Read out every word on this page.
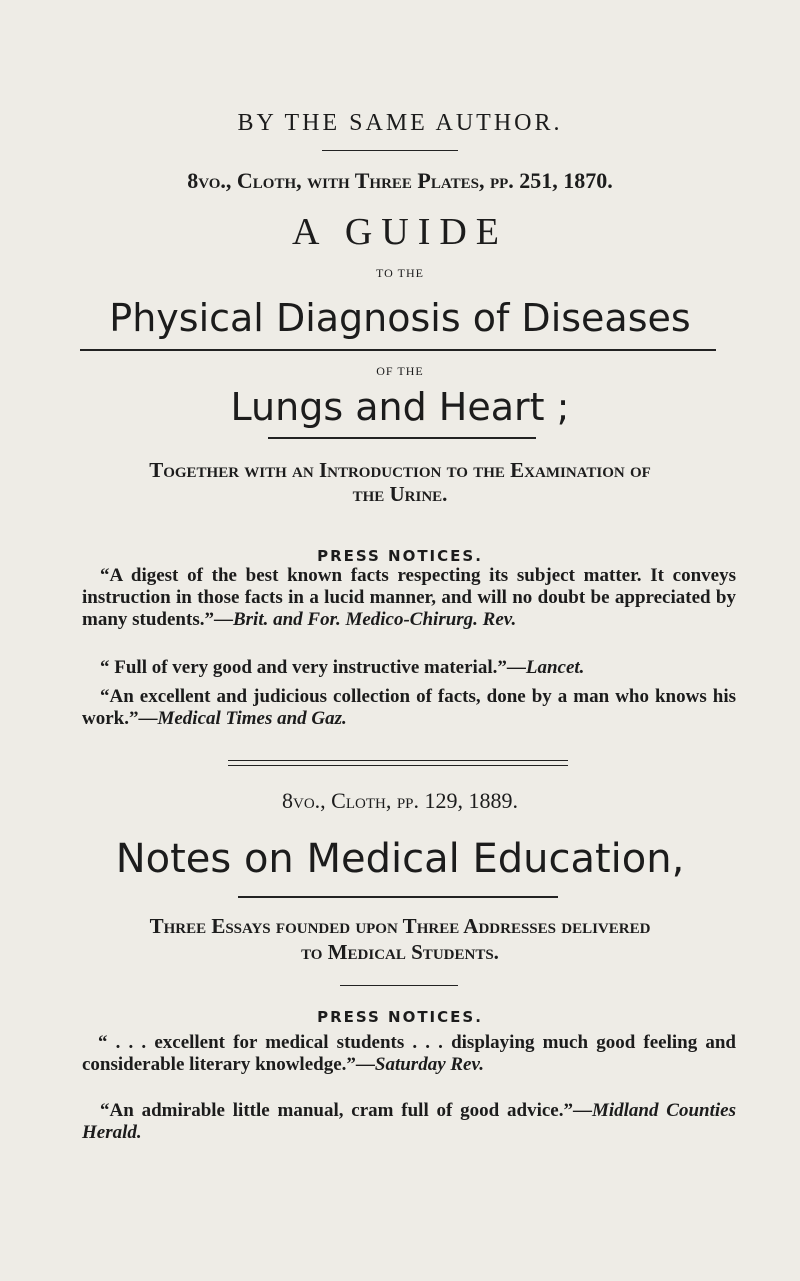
BY THE SAME AUTHOR.
8vo., Cloth, with Three Plates, pp. 251, 1870.
A GUIDE
TO THE
Physical Diagnosis of Diseases
OF THE
Lungs and Heart ;
Together with an Introduction to the Examination of
the Urine.
PRESS NOTICES.
“A digest of the best known facts respecting its subject matter. It conveys instruction in those facts in a lucid manner, and will no doubt be appreciated by many students.”—Brit. and For. Medico-Chirurg. Rev.
“ Full of very good and very instructive material.”—Lancet.
“An excellent and judicious collection of facts, done by a man who knows his work.”—Medical Times and Gaz.
8vo., Cloth, pp. 129, 1889.
Notes on Medical Education,
Three Essays founded upon Three Addresses delivered
to Medical Students.
PRESS NOTICES.
“ . . . excellent for medical students . . . displaying much good feeling and considerable literary knowledge.”—Saturday Rev.
“An admirable little manual, cram full of good advice.”—Midland Counties Herald.
